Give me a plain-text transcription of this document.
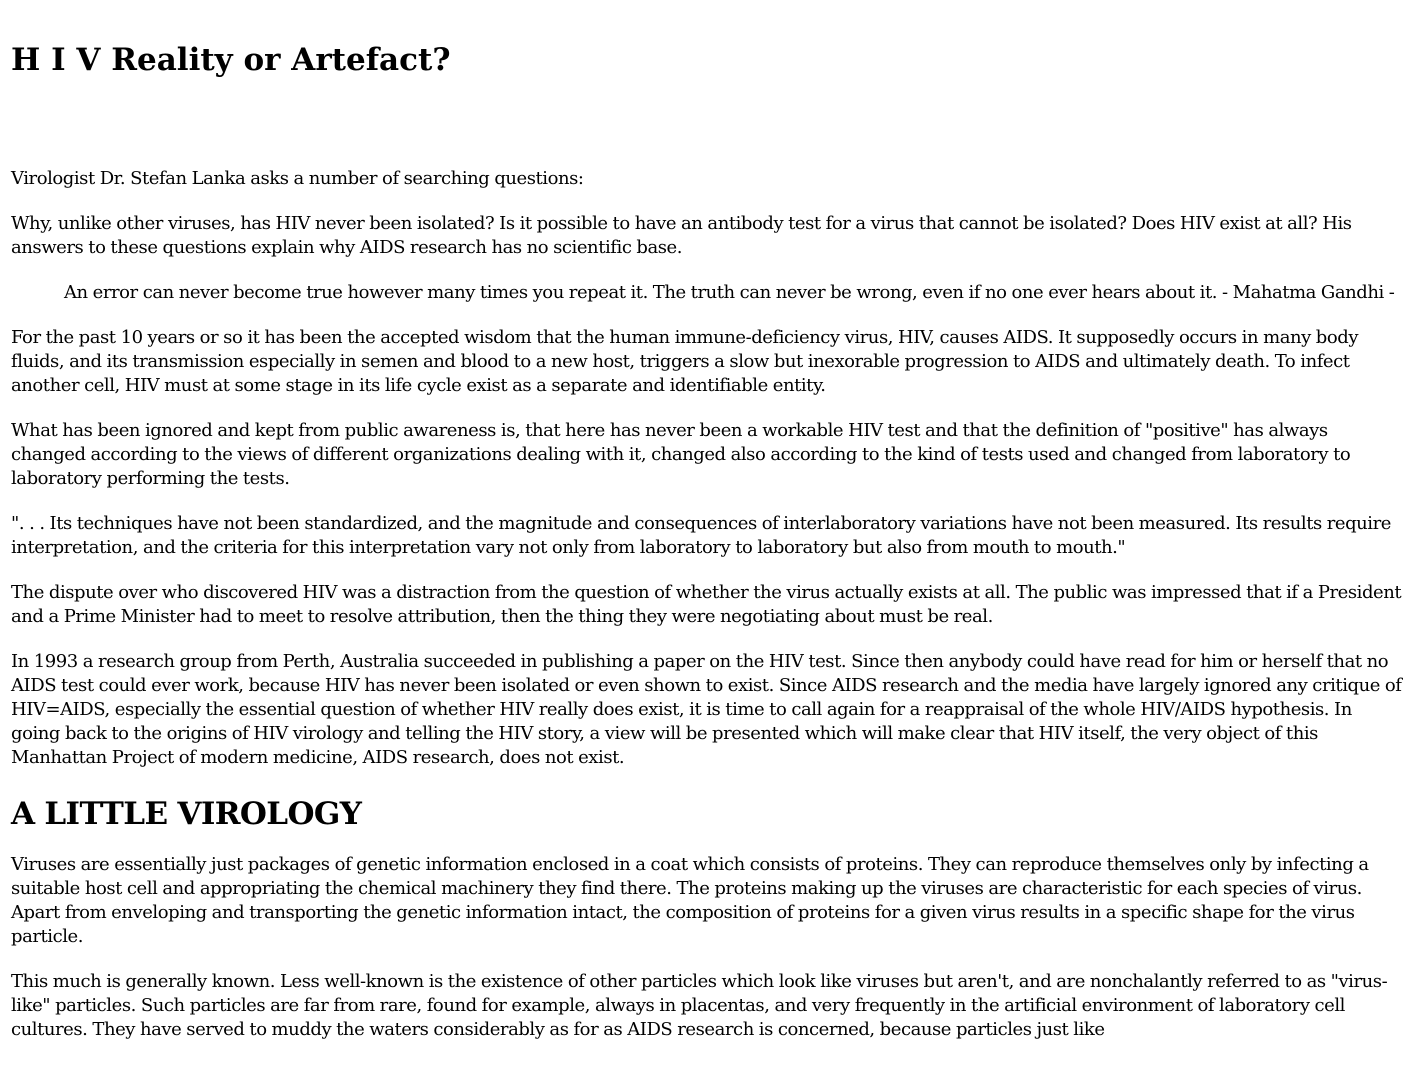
H I V Reality or Artefact?

Virologist Dr. Stefan Lanka asks a number of searching questions:

Why, unlike other viruses, has HIV never been isolated? Is it possible to have an antibody test for a virus that cannot be isolated? Does HIV exist at all? His answers to these questions explain why AIDS research has no scientific base.

An error can never become true however many times you repeat it. The truth can never be wrong, even if no one ever hears about it. - Mahatma Gandhi -

For the past 10 years or so it has been the accepted wisdom that the human immune-deficiency virus, HIV, causes AIDS. It supposedly occurs in many body fluids, and its transmission especially in semen and blood to a new host, triggers a slow but inexorable progression to AIDS and ultimately death. To infect another cell, HIV must at some stage in its life cycle exist as a separate and identifiable entity.

What has been ignored and kept from public awareness is, that here has never been a workable HIV test and that the definition of "positive" has always changed according to the views of different organizations dealing with it, changed also according to the kind of tests used and changed from laboratory to laboratory performing the tests.

". . . Its techniques have not been standardized, and the magnitude and consequences of interlaboratory variations have not been measured. Its results require interpretation, and the criteria for this interpretation vary not only from laboratory to laboratory but also from mouth to mouth."

The dispute over who discovered HIV was a distraction from the question of whether the virus actually exists at all. The public was impressed that if a President and a Prime Minister had to meet to resolve attribution, then the thing they were negotiating about must be real.

In 1993 a research group from Perth, Australia succeeded in publishing a paper on the HIV test. Since then anybody could have read for him or herself that no AIDS test could ever work, because HIV has never been isolated or even shown to exist. Since AIDS research and the media have largely ignored any critique of HIV=AIDS, especially the essential question of whether HIV really does exist, it is time to call again for a reappraisal of the whole HIV/AIDS hypothesis. In going back to the origins of HIV virology and telling the HIV story, a view will be presented which will make clear that HIV itself, the very object of this Manhattan Project of modern medicine, AIDS research, does not exist.

A LITTLE VIROLOGY

Viruses are essentially just packages of genetic information enclosed in a coat which consists of proteins. They can reproduce themselves only by infecting a suitable host cell and appropriating the chemical machinery they find there. The proteins making up the viruses are characteristic for each species of virus. Apart from enveloping and transporting the genetic information intact, the composition of proteins for a given virus results in a specific shape for the virus particle.

This much is generally known. Less well-known is the existence of other particles which look like viruses but aren't, and are nonchalantly referred to as "virus-like" particles. Such particles are far from rare, found for example, always in placentas, and very frequently in the artificial environment of laboratory cell cultures. They have served to muddy the waters considerably as for as AIDS research is concerned, because particles just like
